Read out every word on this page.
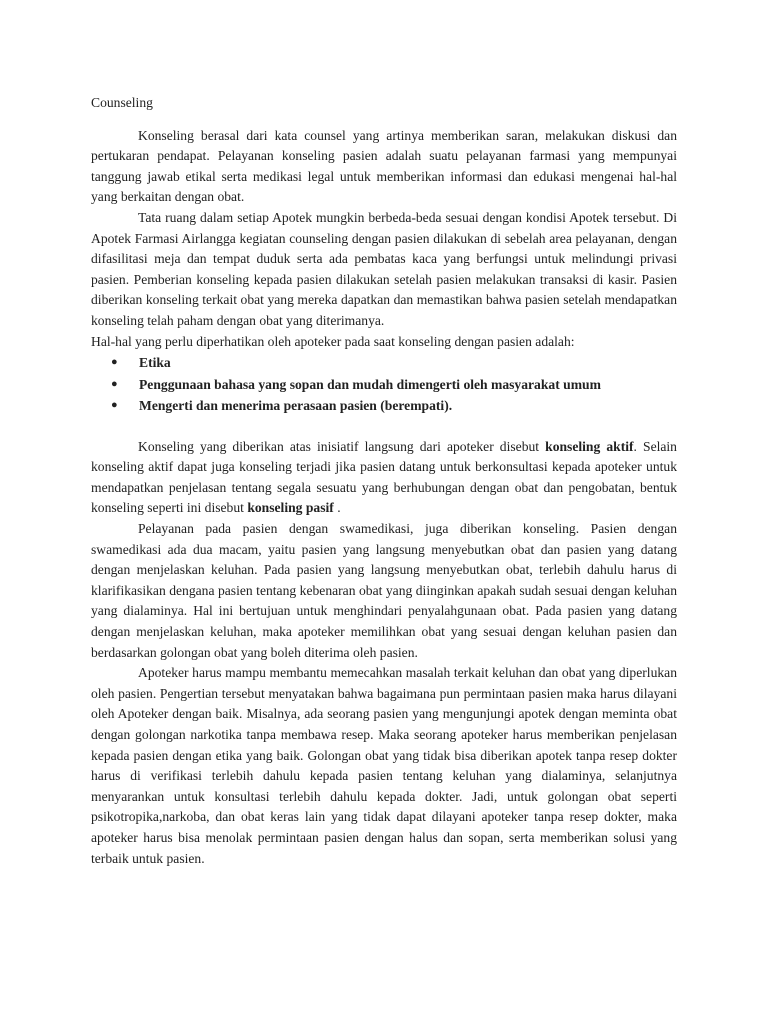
Counseling

Konseling berasal dari kata counsel yang artinya memberikan saran, melakukan diskusi dan pertukaran pendapat. Pelayanan konseling pasien adalah suatu pelayanan farmasi yang mempunyai tanggung jawab etikal serta medikasi legal untuk memberikan informasi dan edukasi mengenai hal-hal yang berkaitan dengan obat.

Tata ruang dalam setiap Apotek mungkin berbeda-beda sesuai dengan kondisi Apotek tersebut. Di Apotek Farmasi Airlangga kegiatan counseling dengan pasien dilakukan di sebelah area pelayanan, dengan difasilitasi meja dan tempat duduk serta ada pembatas kaca yang berfungsi untuk melindungi privasi pasien. Pemberian konseling kepada pasien dilakukan setelah pasien melakukan transaksi di kasir. Pasien diberikan konseling terkait obat yang mereka dapatkan dan memastikan bahwa pasien setelah mendapatkan konseling telah paham dengan obat yang diterimanya.

Hal-hal yang perlu diperhatikan oleh apoteker pada saat konseling dengan pasien adalah:

● Etika
● Penggunaan bahasa yang sopan dan mudah dimengerti oleh masyarakat umum
● Mengerti dan menerima perasaan pasien (berempati).

Konseling yang diberikan atas inisiatif langsung dari apoteker disebut konseling aktif. Selain konseling aktif dapat juga konseling terjadi jika pasien datang untuk berkonsultasi kepada apoteker untuk mendapatkan penjelasan tentang segala sesuatu yang berhubungan dengan obat dan pengobatan, bentuk konseling seperti ini disebut konseling pasif .

Pelayanan pada pasien dengan swamedikasi, juga diberikan konseling. Pasien dengan swamedikasi ada dua macam, yaitu pasien yang langsung menyebutkan obat dan pasien yang datang dengan menjelaskan keluhan. Pada pasien yang langsung menyebutkan obat, terlebih dahulu harus di klarifikasikan dengana pasien tentang kebenaran obat yang diinginkan apakah sudah sesuai dengan keluhan yang dialaminya. Hal ini bertujuan untuk menghindari penyalahgunaan obat. Pada pasien yang datang dengan menjelaskan keluhan, maka apoteker memilihkan obat yang sesuai dengan keluhan pasien dan berdasarkan golongan obat yang boleh diterima oleh pasien.

Apoteker harus mampu membantu memecahkan masalah terkait keluhan dan obat yang diperlukan oleh pasien. Pengertian tersebut menyatakan bahwa bagaimana pun permintaan pasien maka harus dilayani oleh Apoteker dengan baik. Misalnya, ada seorang pasien yang mengunjungi apotek dengan meminta obat dengan golongan narkotika tanpa membawa resep. Maka seorang apoteker harus memberikan penjelasan kepada pasien dengan etika yang baik. Golongan obat yang tidak bisa diberikan apotek tanpa resep dokter harus di verifikasi terlebih dahulu kepada pasien tentang keluhan yang dialaminya, selanjutnya menyarankan untuk konsultasi terlebih dahulu kepada dokter. Jadi, untuk golongan obat seperti psikotropika,narkoba, dan obat keras lain yang tidak dapat dilayani apoteker tanpa resep dokter, maka apoteker harus bisa menolak permintaan pasien dengan halus dan sopan, serta memberikan solusi yang terbaik untuk pasien.
